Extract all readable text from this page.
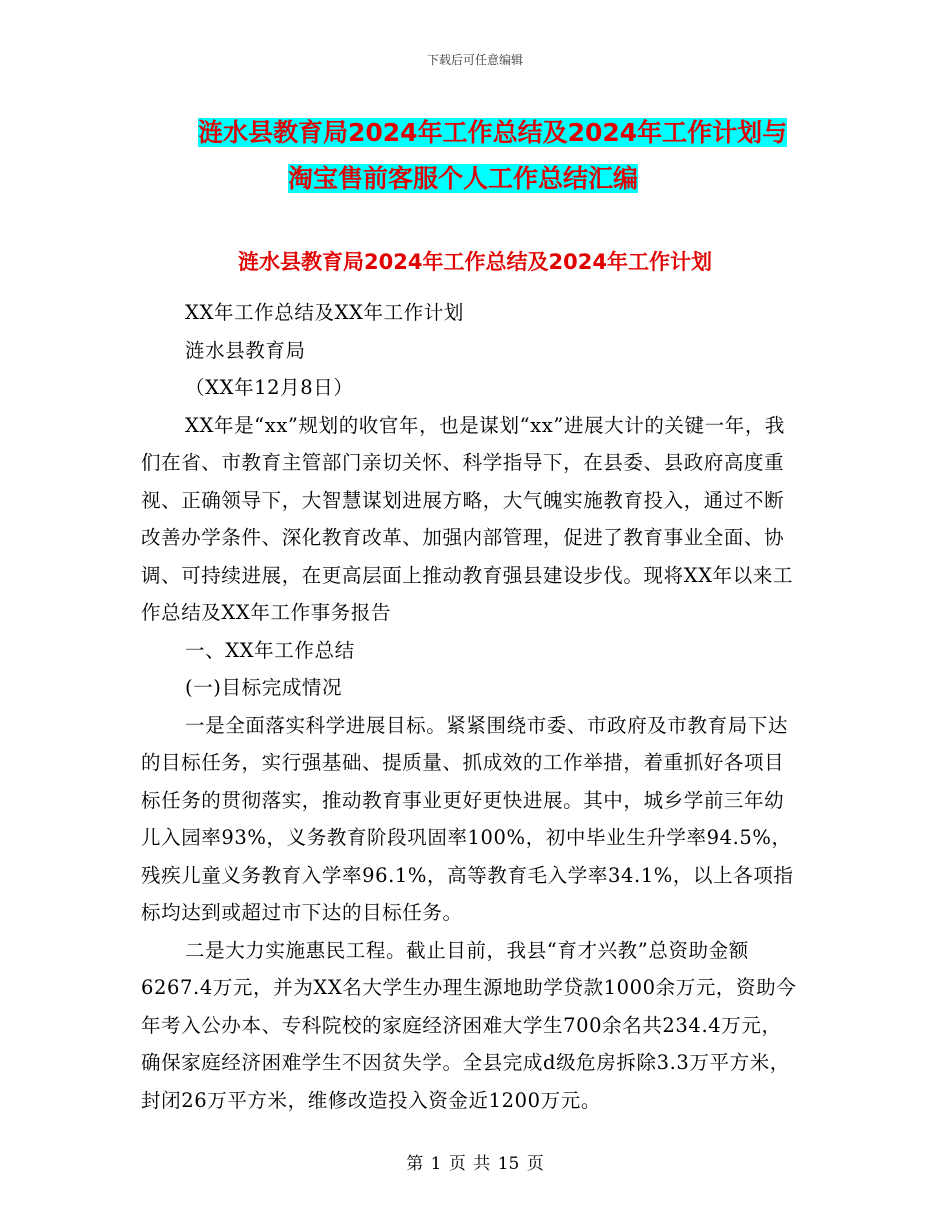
下载后可任意编辑
涟水县教育局2024年工作总结及2024年工作计划与
淘宝售前客服个人工作总结汇编
涟水县教育局2024年工作总结及2024年工作计划

XX年工作总结及XX年工作计划

涟水县教育局

（XX年12月8日）

XX年是“xx”规划的收官年，也是谋划“xx”进展大计的关键一年，我们在省、市教育主管部门亲切关怀、科学指导下，在县委、县政府高度重视、正确领导下，大智慧谋划进展方略，大气魄实施教育投入，通过不断改善办学条件、深化教育改革、加强内部管理，促进了教育事业全面、协调、可持续进展，在更高层面上推动教育强县建设步伐。现将XX年以来工作总结及XX年工作事务报告

一、XX年工作总结

(一)目标完成情况

一是全面落实科学进展目标。紧紧围绕市委、市政府及市教育局下达的目标任务，实行强基础、提质量、抓成效的工作举措，着重抓好各项目标任务的贯彻落实，推动教育事业更好更快进展。其中，城乡学前三年幼儿入园率93%，义务教育阶段巩固率100%，初中毕业生升学率94.5%，残疾儿童义务教育入学率96.1%，高等教育毛入学率34.1%，以上各项指标均达到或超过市下达的目标任务。

二是大力实施惠民工程。截止目前，我县“育才兴教”总资助金额6267.4万元，并为XX名大学生办理生源地助学贷款1000余万元，资助今年考入公办本、专科院校的家庭经济困难大学生700余名共234.4万元，确保家庭经济困难学生不因贫失学。全县完成d级危房拆除3.3万平方米，封闭26万平方米，维修改造投入资金近1200万元。

第 1 页 共 15 页
